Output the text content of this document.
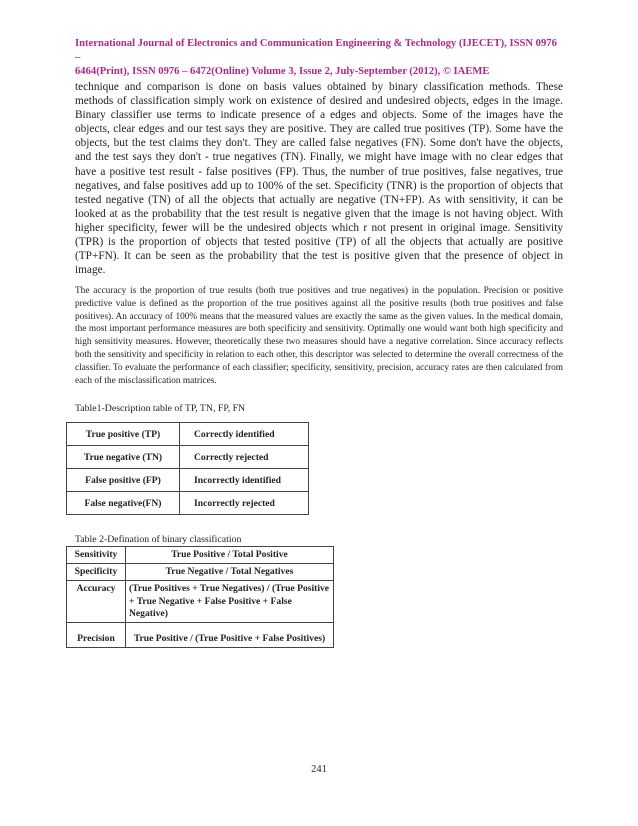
International Journal of Electronics and Communication Engineering & Technology (IJECET), ISSN 0976 –
6464(Print), ISSN 0976 – 6472(Online) Volume 3, Issue 2, July-September (2012), © IAEME

technique and comparison is done on basis values obtained by binary classification methods. These methods of classification simply work on existence of desired and undesired objects, edges in the image. Binary classifier use terms to indicate presence of a edges and objects. Some of the images have the objects, clear edges and our test says they are positive. They are called true positives (TP). Some have the objects, but the test claims they don't. They are called false negatives (FN). Some don't have the objects, and the test says they don't - true negatives (TN). Finally, we might have image with no clear edges that have a positive test result - false positives (FP). Thus, the number of true positives, false negatives, true negatives, and false positives add up to 100% of the set. Specificity (TNR) is the proportion of objects that tested negative (TN) of all the objects that actually are negative (TN+FP). As with sensitivity, it can be looked at as the probability that the test result is negative given that the image is not having object. With higher specificity, fewer will be the undesired objects which r not present in original image. Sensitivity (TPR) is the proportion of objects that tested positive (TP) of all the objects that actually are positive (TP+FN). It can be seen as the probability that the test is positive given that the presence of object in image.

The accuracy is the proportion of true results (both true positives and true negatives) in the population. Precision or positive predictive value is defined as the proportion of the true positives against all the positive results (both true positives and false positives). An accuracy of 100% means that the measured values are exactly the same as the given values. In the medical domain, the most important performance measures are both specificity and sensitivity. Optimally one would want both high specificity and high sensitivity measures. However, theoretically these two measures should have a negative correlation. Since accuracy reflects both the sensitivity and specificity in relation to each other, this descriptor was selected to determine the overall correctness of the classifier. To evaluate the performance of each classifier; specificity, sensitivity, precision, accuracy rates are then calculated from each of the misclassification matrices.

Table1-Description table of TP, TN, FP, FN

True positive (TP)	Correctly identified
True negative (TN)	Correctly rejected
False positive (FP)	Incorrectly identified
False negative(FN)	Incorrectly rejected

Table 2-Defination of binary classification

Sensitivity	True Positive / Total Positive
Specificity	True Negative / Total Negatives
Accuracy	(True Positives + True Negatives) / (True Positive + True Negative + False Positive + False Negative)
Precision	True Positive / (True Positive + False Positives)
241
